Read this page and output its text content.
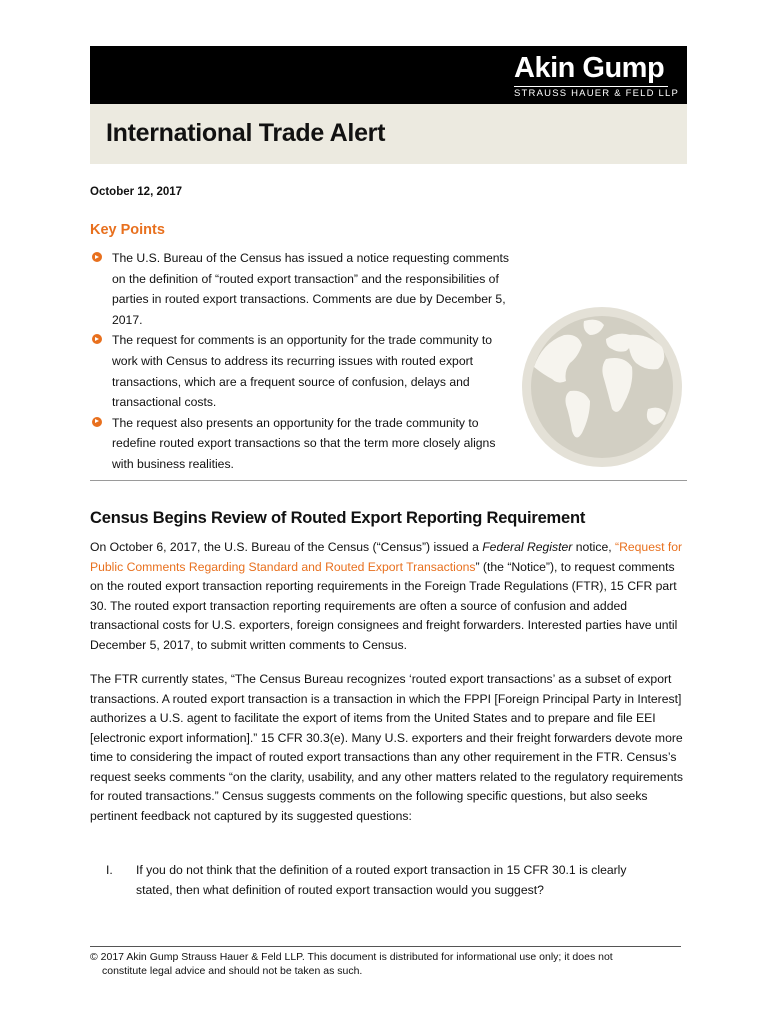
Akin Gump
STRAUSS HAUER & FELD LLP
International Trade Alert
October 12, 2017
Key Points
The U.S. Bureau of the Census has issued a notice requesting comments on the definition of “routed export transaction” and the responsibilities of parties in routed export transactions. Comments are due by December 5, 2017.
The request for comments is an opportunity for the trade community to work with Census to address its recurring issues with routed export transactions, which are a frequent source of confusion, delays and transactional costs.
The request also presents an opportunity for the trade community to redefine routed export transactions so that the term more closely aligns with business realities.
Census Begins Review of Routed Export Reporting Requirement

On October 6, 2017, the U.S. Bureau of the Census (“Census”) issued a Federal Register notice, “Request for Public Comments Regarding Standard and Routed Export Transactions” (the “Notice”), to request comments on the routed export transaction reporting requirements in the Foreign Trade Regulations (FTR), 15 CFR part 30. The routed export transaction reporting requirements are often a source of confusion and added transactional costs for U.S. exporters, foreign consignees and freight forwarders. Interested parties have until December 5, 2017, to submit written comments to Census.

The FTR currently states, “The Census Bureau recognizes ‘routed export transactions’ as a subset of export transactions. A routed export transaction is a transaction in which the FPPI [Foreign Principal Party in Interest] authorizes a U.S. agent to facilitate the export of items from the United States and to prepare and file EEI [electronic export information].” 15 CFR 30.3(e). Many U.S. exporters and their freight forwarders devote more time to considering the impact of routed export transactions than any other requirement in the FTR. Census’s request seeks comments “on the clarity, usability, and any other matters related to the regulatory requirements for routed transactions.” Census suggests comments on the following specific questions, but also seeks pertinent feedback not captured by its suggested questions:

I. If you do not think that the definition of a routed export transaction in 15 CFR 30.1 is clearly stated, then what definition of routed export transaction would you suggest?
© 2017 Akin Gump Strauss Hauer & Feld LLP. This document is distributed for informational use only; it does not
constitute legal advice and should not be taken as such.
